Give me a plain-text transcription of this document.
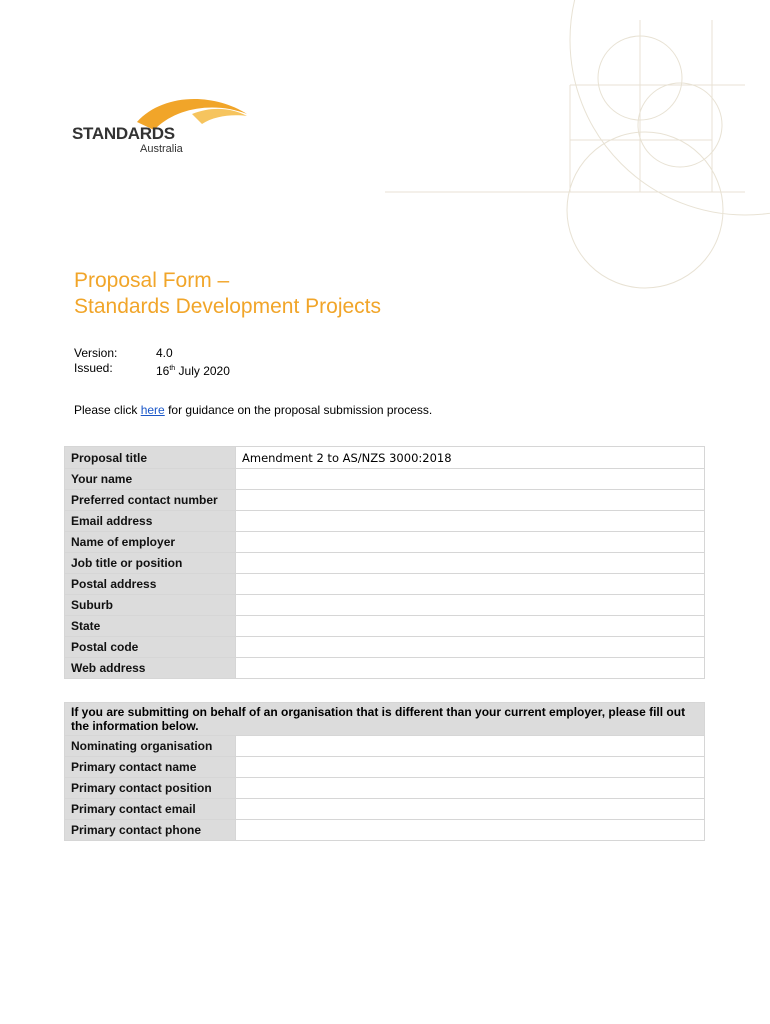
STANDARDS
Australia
Proposal Form –
Standards Development Projects
Version:	4.0
Issued:	16th July 2020
Please click here for guidance on the proposal submission process.
Proposal title	Amendment 2 to AS/NZS 3000:2018
Your name	
Preferred contact number	
Email address	
Name of employer	
Job title or position	
Postal address	
Suburb	
State	
Postal code	
Web address	
If you are submitting on behalf of an organisation that is different than your current employer, please fill out the information below.	
Nominating organisation	
Primary contact name	
Primary contact position	
Primary contact email	
Primary contact phone	
